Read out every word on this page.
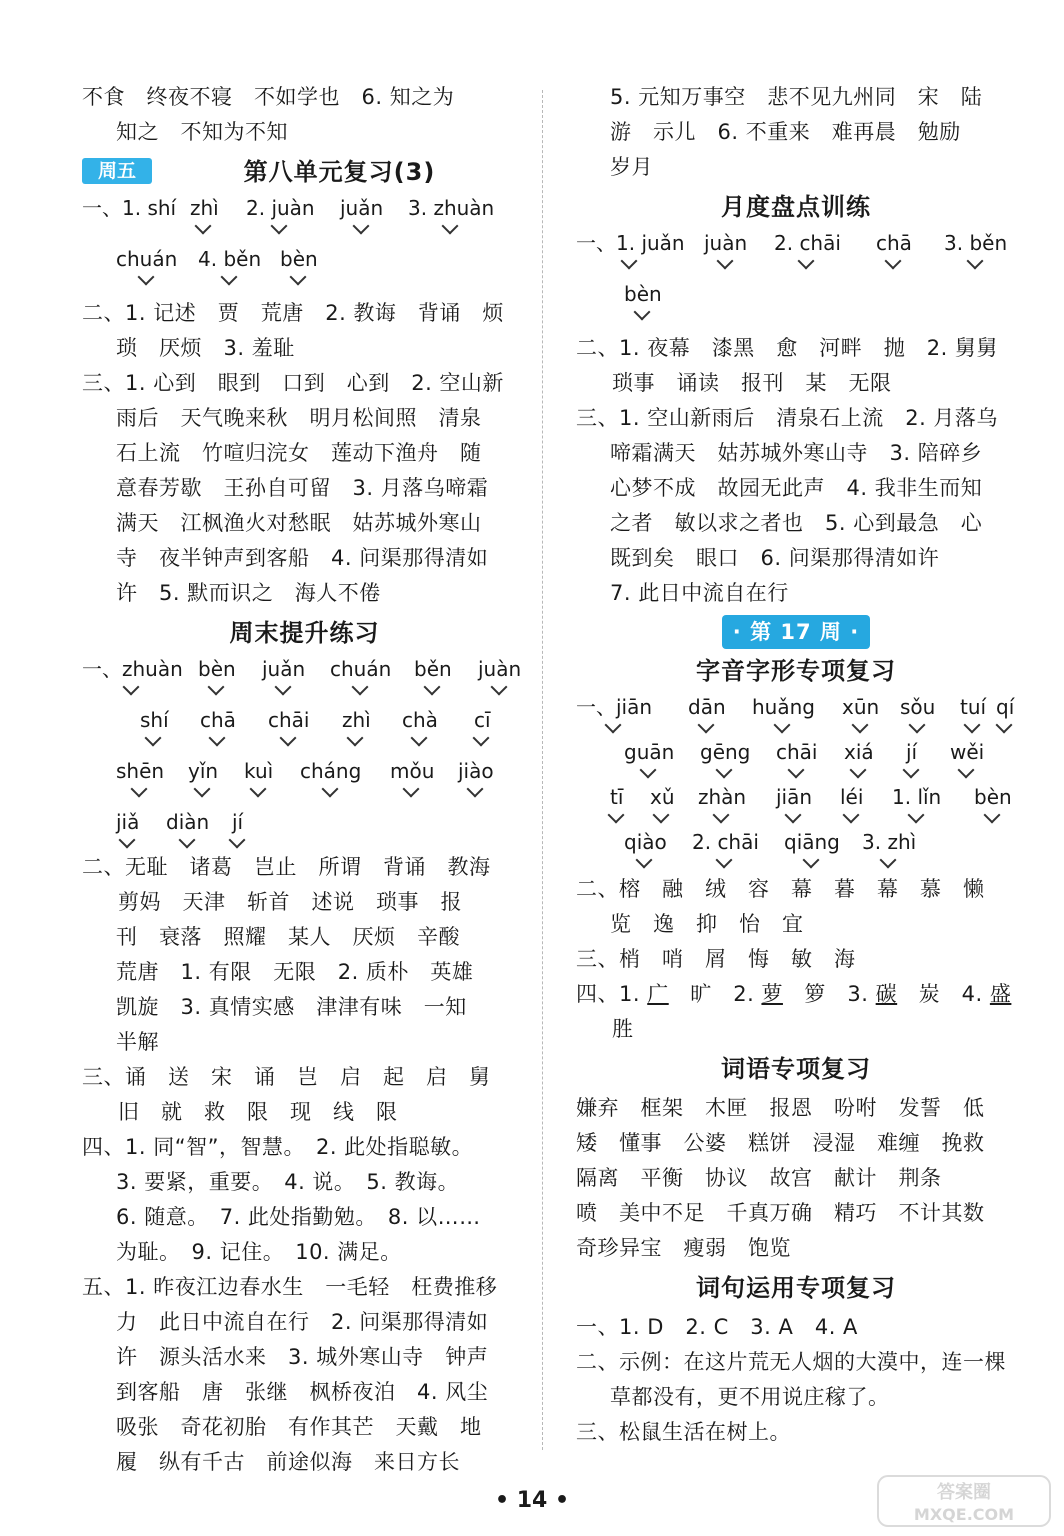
不食　终夜不寝　不如学也　6. 知之为
知之　不知为不知
周五	第八单元复习(3)
一、1. shí zhì 2. juàn juǎn 3. zhuàn
chuán 4. běn bèn
二、1. 记述　贾　荒唐　2. 教诲　背诵　烦
琐　厌烦　3. 羞耻
三、1. 心到　眼到　口到　心到　2. 空山新
雨后　天气晚来秋　明月松间照　清泉
石上流　竹喧归浣女　莲动下渔舟　随
意春芳歇　王孙自可留　3. 月落乌啼霜
满天　江枫渔火对愁眠　姑苏城外寒山
寺　夜半钟声到客船　4. 问渠那得清如
许　5. 默而识之　海人不倦
周末提升练习
一、zhuàn bèn juǎn chuán běn juàn
shí chā chāi zhì chà cī
shēn yǐn kuì cháng mǒu jiào
jiǎ diàn jí
二、无耻　诸葛　岂止　所谓　背诵　教海
剪妈　天津　斩首　述说　琐事　报
刊　衰落　照耀　某人　厌烦　辛酸
荒唐　1. 有限　无限　2. 质朴　英雄
凯旋　3. 真情实感　津津有味　一知
半解
三、诵　送　宋　诵　岂　启　起　启　舅
旧　就　救　限　现　线　限
四、1. 同“智”，智慧。　2. 此处指聪敏。
3. 要紧，重要。　4. 说。　5. 教诲。
6. 随意。　7. 此处指勤勉。　8. 以……
为耻。　9. 记住。　10. 满足。
五、1. 昨夜江边春水生　一毛轻　枉费推移
力　此日中流自在行　2. 问渠那得清如
许　源头活水来　3. 城外寒山寺　钟声
到客船　唐　张继　枫桥夜泊　4. 风尘
吸张　奇花初胎　有作其芒　天戴　地
履　纵有千古　前途似海　来日方长
5. 元知万事空　悲不见九州同　宋　陆
游　示儿　6. 不重来　难再晨　勉励
岁月
月度盘点训练
一、1. juǎn juàn 2. chāi chā 3. běn
bèn
二、1. 夜幕　漆黑　愈　河畔　抛　2. 舅舅
琐事　诵读　报刊　某　无限
三、1. 空山新雨后　清泉石上流　2. 月落乌
啼霜满天　姑苏城外寒山寺　3. 陪碎乡
心梦不成　故园无此声　4. 我非生而知
之者　敏以求之者也　5. 心到最急　心
既到矣　眼口　6. 问渠那得清如许
7. 此日中流自在行
· 第 17 周 ·
字音字形专项复习
一、jiān dān huǎng xūn sǒu tuí qí
guān gēng chāi xiá jí wěi
tī xǔ zhàn jiān léi 1. lǐn bèn
qiào 2. chāi qiāng 3. zhì
二、榕　融　绒　容　幕　暮　幕　慕　懒
览　逸　抑　怡　宜
三、梢　哨　屑　悔　敏　海
四、1. 广　旷　2. 萝　箩　3. 碳　炭　4. 盛
胜
词语专项复习
嫌弃　框架　木匣　报恩　吩咐　发誓　低
矮　懂事　公婆　糕饼　浸湿　难缠　挽救
隔离　平衡　协议　故宫　献计　荆条
喷　美中不足　千真万确　精巧　不计其数
奇珍异宝　瘦弱　饱览
词句运用专项复习
一、1. D　2. C　3. A　4. A
二、示例：在这片荒无人烟的大漠中，连一棵
草都没有，更不用说庄稼了。
三、松鼠生活在树上。
• 14 •	答案圈
MXQE.COM
